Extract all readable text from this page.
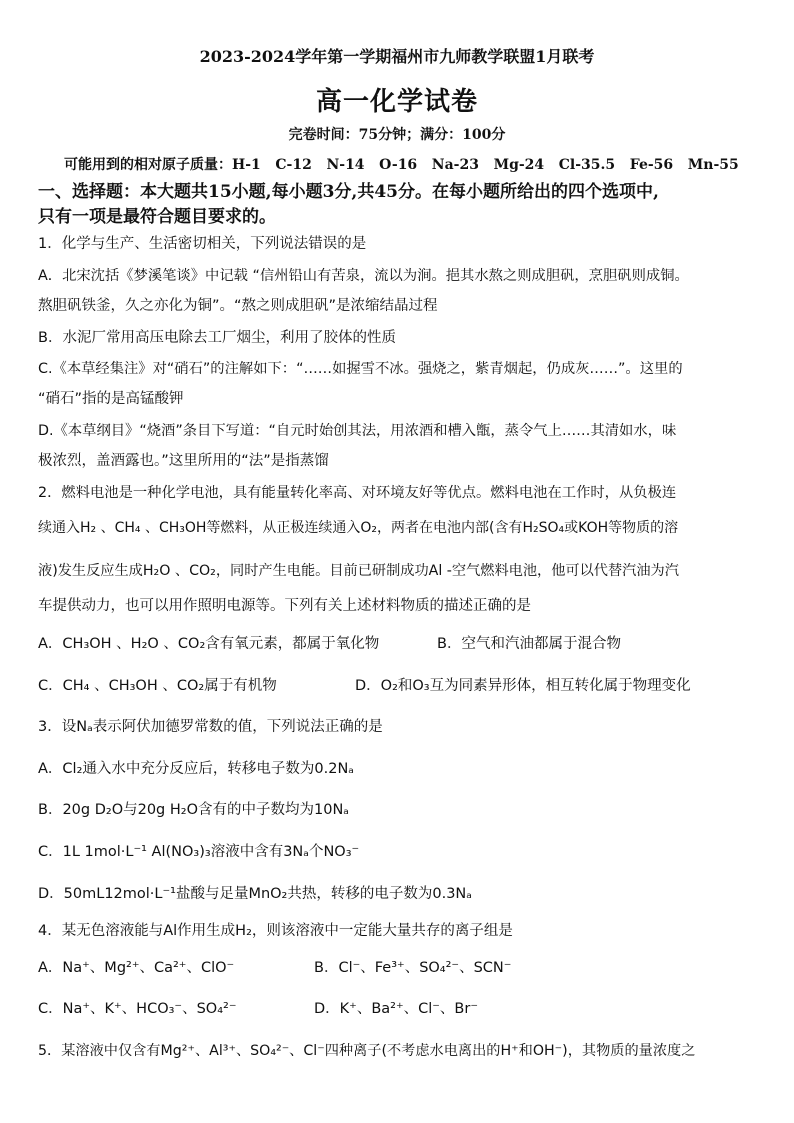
2023-2024学年第一学期福州市九师教学联盟1月联考
高一化学试卷
完卷时间：75分钟；满分：100分
可能用到的相对原子质量：H-1   C-12   N-14   O-16   Na-23   Mg-24   Cl-35.5   Fe-56   Mn-55
一、选择题：本大题共15小题,每小题3分,共45分。在每小题所给出的四个选项中,
只有一项是最符合题目要求的。
1．化学与生产、生活密切相关，下列说法错误的是
A．北宋沈括《梦溪笔谈》中记载 “信州铅山有苦泉，流以为涧。挹其水熬之则成胆矾，烹胆矾则成铜。
熬胆矾铁釜，久之亦化为铜”。“熬之则成胆矾”是浓缩结晶过程
B．水泥厂常用高压电除去工厂烟尘，利用了胶体的性质
C.《本草经集注》对“硝石”的注解如下：“……如握雪不冰。强烧之，紫青烟起，仍成灰……”。这里的
“硝石”指的是高锰酸钾
D.《本草纲目》“烧酒”条目下写道：“自元时始创其法，用浓酒和槽入甑，蒸令气上……其清如水，味
极浓烈，盖酒露也。”这里所用的“法”是指蒸馏
2．燃料电池是一种化学电池，具有能量转化率高、对环境友好等优点。燃料电池在工作时，从负极连
续通入H₂ 、CH₄ 、CH₃OH等燃料，从正极连续通入O₂，两者在电池内部(含有H₂SO₄或KOH等物质的溶
液)发生反应生成H₂O 、CO₂，同时产生电能。目前已研制成功Al -空气燃料电池，他可以代替汽油为汽
车提供动力，也可以用作照明电源等。下列有关上述材料物质的描述正确的是
A．CH₃OH 、H₂O 、CO₂含有氧元素，都属于氧化物	B．空气和汽油都属于混合物
C．CH₄ 、CH₃OH 、CO₂属于有机物	D．O₂和O₃互为同素异形体，相互转化属于物理变化
3．设Nₐ表示阿伏加德罗常数的值，下列说法正确的是
A．Cl₂通入水中充分反应后，转移电子数为0.2Nₐ
B．20g D₂O与20g H₂O含有的中子数均为10Nₐ
C．1L 1mol·L⁻¹ Al(NO₃)₃溶液中含有3Nₐ个NO₃⁻
D．50mL12mol·L⁻¹盐酸与足量MnO₂共热，转移的电子数为0.3Nₐ
4．某无色溶液能与Al作用生成H₂，则该溶液中一定能大量共存的离子组是
A．Na⁺、Mg²⁺、Ca²⁺、ClO⁻	B．Cl⁻、Fe³⁺、SO₄²⁻、SCN⁻
C．Na⁺、K⁺、HCO₃⁻、SO₄²⁻	D．K⁺、Ba²⁺、Cl⁻、Br⁻
5．某溶液中仅含有Mg²⁺、Al³⁺、SO₄²⁻、Cl⁻四种离子(不考虑水电离出的H⁺和OH⁻)，其物质的量浓度之
